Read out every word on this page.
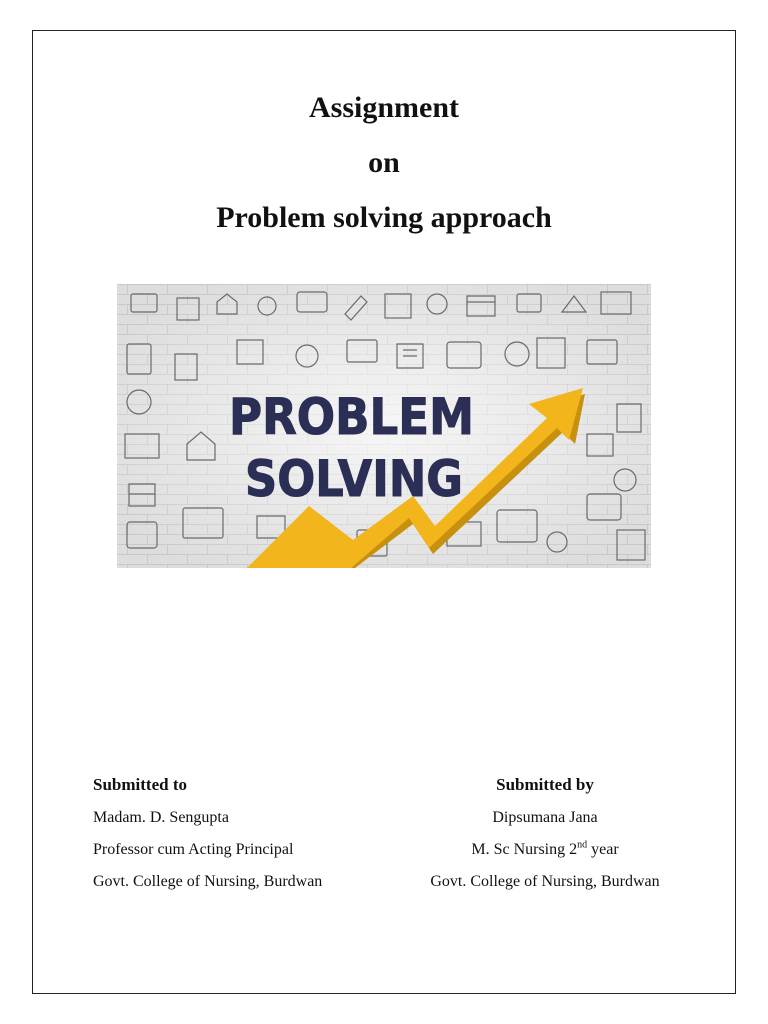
Assignment
on
Problem solving approach
PROBLEM
SOLVING
Submitted to
Madam. D. Sengupta
Professor cum Acting Principal
Govt. College of Nursing, Burdwan
Submitted by
Dipsumana Jana
M. Sc Nursing 2nd year
Govt. College of Nursing, Burdwan
